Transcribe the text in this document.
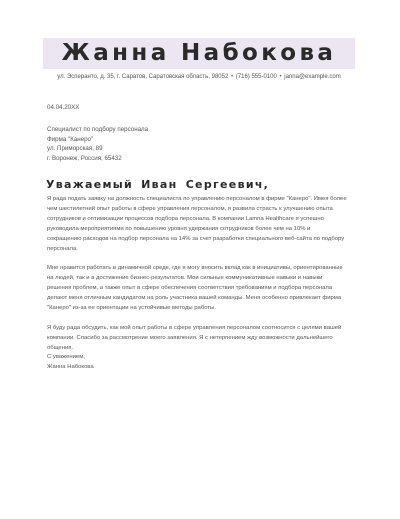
Жанна Набокова
ул. Эсперанто, д. 35, г. Саратов, Саратовская область, 98052 • (716) 555-0100 • janna@example.com
04.04.20XX
Специалист по подбору персонала
Фирма "Канеро"
ул. Приморская, 89
г. Воронеж, Россия, 65432
Уважаемый Иван Сергеевич,
Я рада подать заявку на должность специалиста по управлению персоналом в фирме "Канеро". Имея более
чем шестилетний опыт работы в сфере управления персоналом, я развила страсть к улучшению опыта
сотрудников и оптимизации процессов подбора персонала. В компании Lamna Healthcare я успешно
руководила мероприятиями по повышению уровня удержания сотрудников более чем на 10% и
сокращению расходов на подбор персонала на 14% за счет разработки специального веб-сайта по подбору
персонала.
Мне нравится работать в динамичной среде, где я могу вносить вклад как в инициативы, ориентированные
на людей, так и в достижение бизнес-результатов. Мои сильные коммуникативные навыки и навыки
решения проблем, а также опыт в сфере обеспечения соответствия требованиям и подбора персонала
делают меня отличным кандидатом на роль участника вашей команды. Меня особенно привлекает фирма
"Канеро" из-за ее ориентации на устойчивые методы работы.
Я буду рада обсудить, как мой опыт работы в сфере управления персоналом соотносится с целями вашей
компании. Спасибо за рассмотрение моего заявления. Я с нетерпением жду возможности дальнейшего
общения.
С уважением,
Жанна Набокова
